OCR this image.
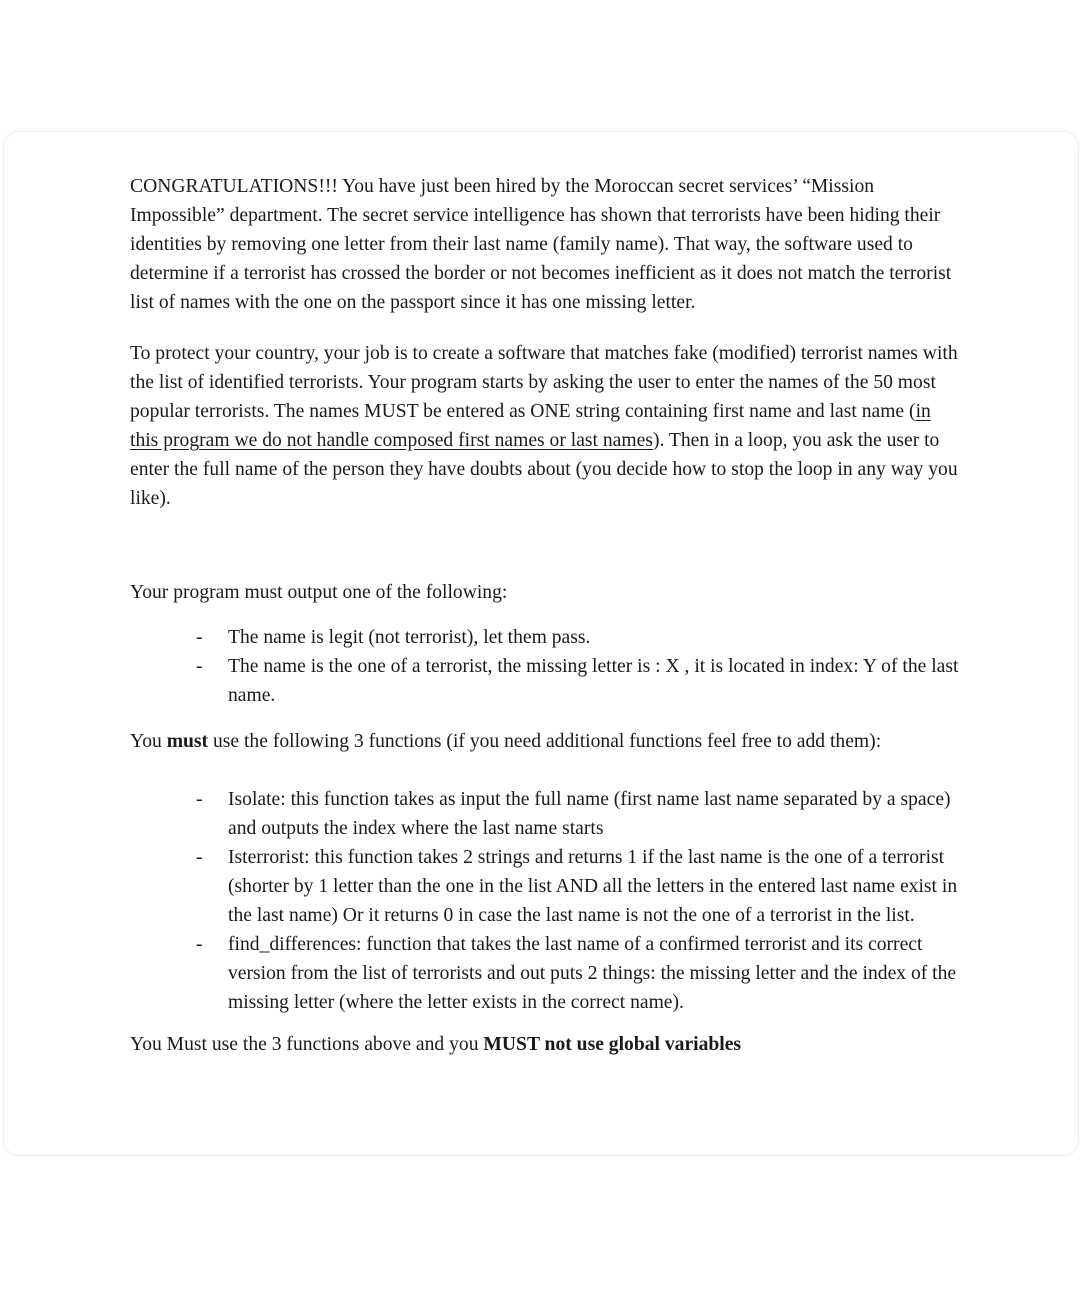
CONGRATULATIONS!!! You have just been hired by the Moroccan secret services’ “Mission Impossible” department. The secret service intelligence has shown that terrorists have been hiding their identities by removing one letter from their last name (family name). That way, the software used to determine if a terrorist has crossed the border or not becomes inefficient as it does not match the terrorist list of names with the one on the passport since it has one missing letter.

To protect your country, your job is to create a software that matches fake (modified) terrorist names with the list of identified terrorists. Your program starts by asking the user to enter the names of the 50 most popular terrorists. The names MUST be entered as ONE string containing first name and last name (in this program we do not handle composed first names or last names). Then in a loop, you ask the user to enter the full name of the person they have doubts about (you decide how to stop the loop in any way you like).

Your program must output one of the following:

- The name is legit (not terrorist), let them pass.
- The name is the one of a terrorist, the missing letter is : X , it is located in index: Y of the last name.

You must use the following 3 functions (if you need additional functions feel free to add them):

- Isolate: this function takes as input the full name (first name last name separated by a space) and outputs the index where the last name starts
- Isterrorist: this function takes 2 strings and returns 1 if the last name is the one of a terrorist (shorter by 1 letter than the one in the list AND all the letters in the entered last name exist in the last name) Or it returns 0 in case the last name is not the one of a terrorist in the list.
- find_differences: function that takes the last name of a confirmed terrorist and its correct version from the list of terrorists and out puts 2 things: the missing letter and the index of the missing letter (where the letter exists in the correct name).

You Must use the 3 functions above and you MUST not use global variables
